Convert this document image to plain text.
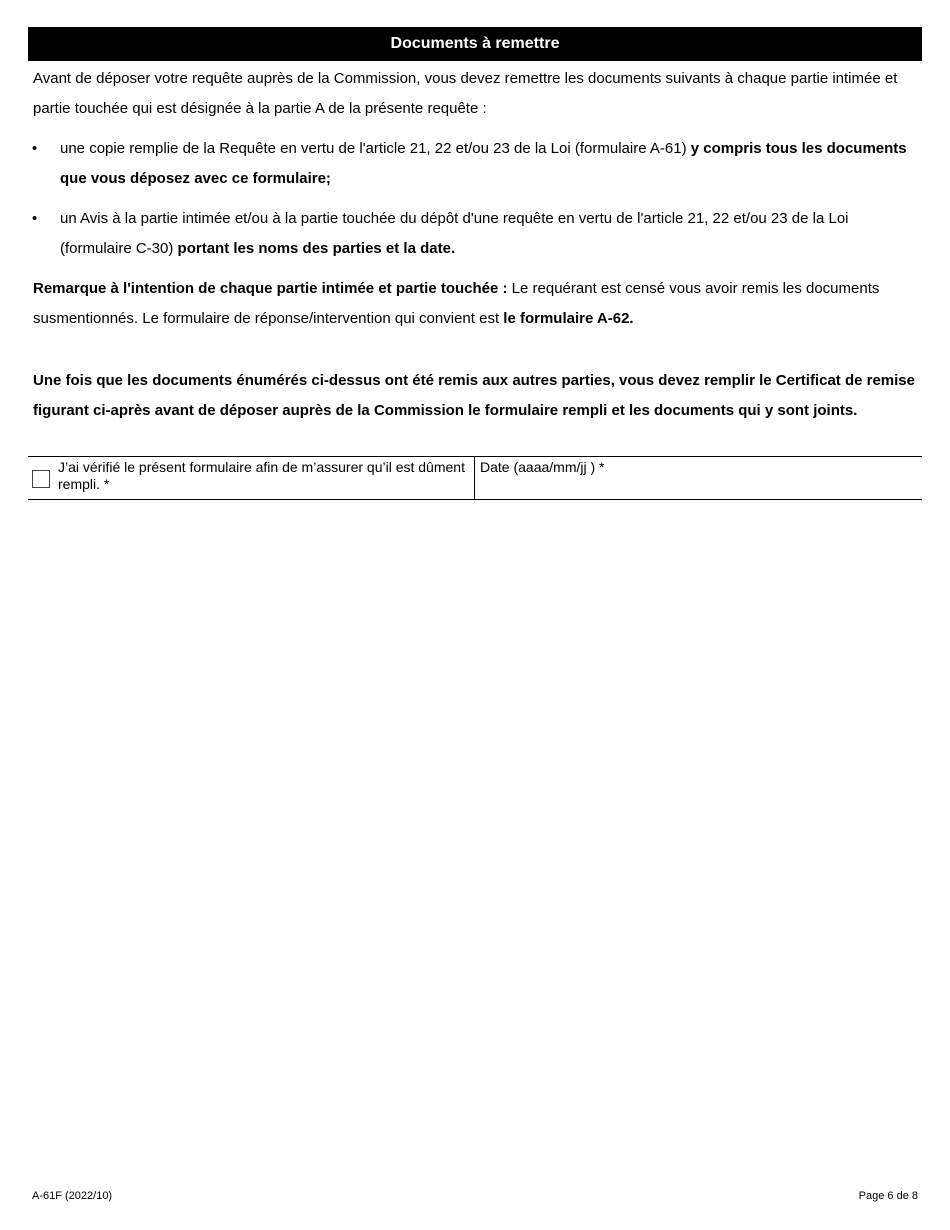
Documents à remettre

Avant de déposer votre requête auprès de la Commission, vous devez remettre les documents suivants à chaque partie intimée et partie touchée qui est désignée à la partie A de la présente requête :

• une copie remplie de la Requête en vertu de l'article 21, 22 et/ou 23 de la Loi (formulaire A-61) y compris tous les documents que vous déposez avec ce formulaire;
• un Avis à la partie intimée et/ou à la partie touchée du dépôt d'une requête en vertu de l'article 21, 22 et/ou 23 de la Loi (formulaire C-30) portant les noms des parties et la date.

Remarque à l'intention de chaque partie intimée et partie touchée : Le requérant est censé vous avoir remis les documents susmentionnés. Le formulaire de réponse/intervention qui convient est le formulaire A-62.

Une fois que les documents énumérés ci-dessus ont été remis aux autres parties, vous devez remplir le Certificat de remise figurant ci-après avant de déposer auprès de la Commission le formulaire rempli et les documents qui y sont joints.

J’ai vérifié le présent formulaire afin de m’assurer qu’il est dûment rempli. *
Date (aaaa/mm/jj ) *
A-61F (2022/10)	Page 6 de 8
